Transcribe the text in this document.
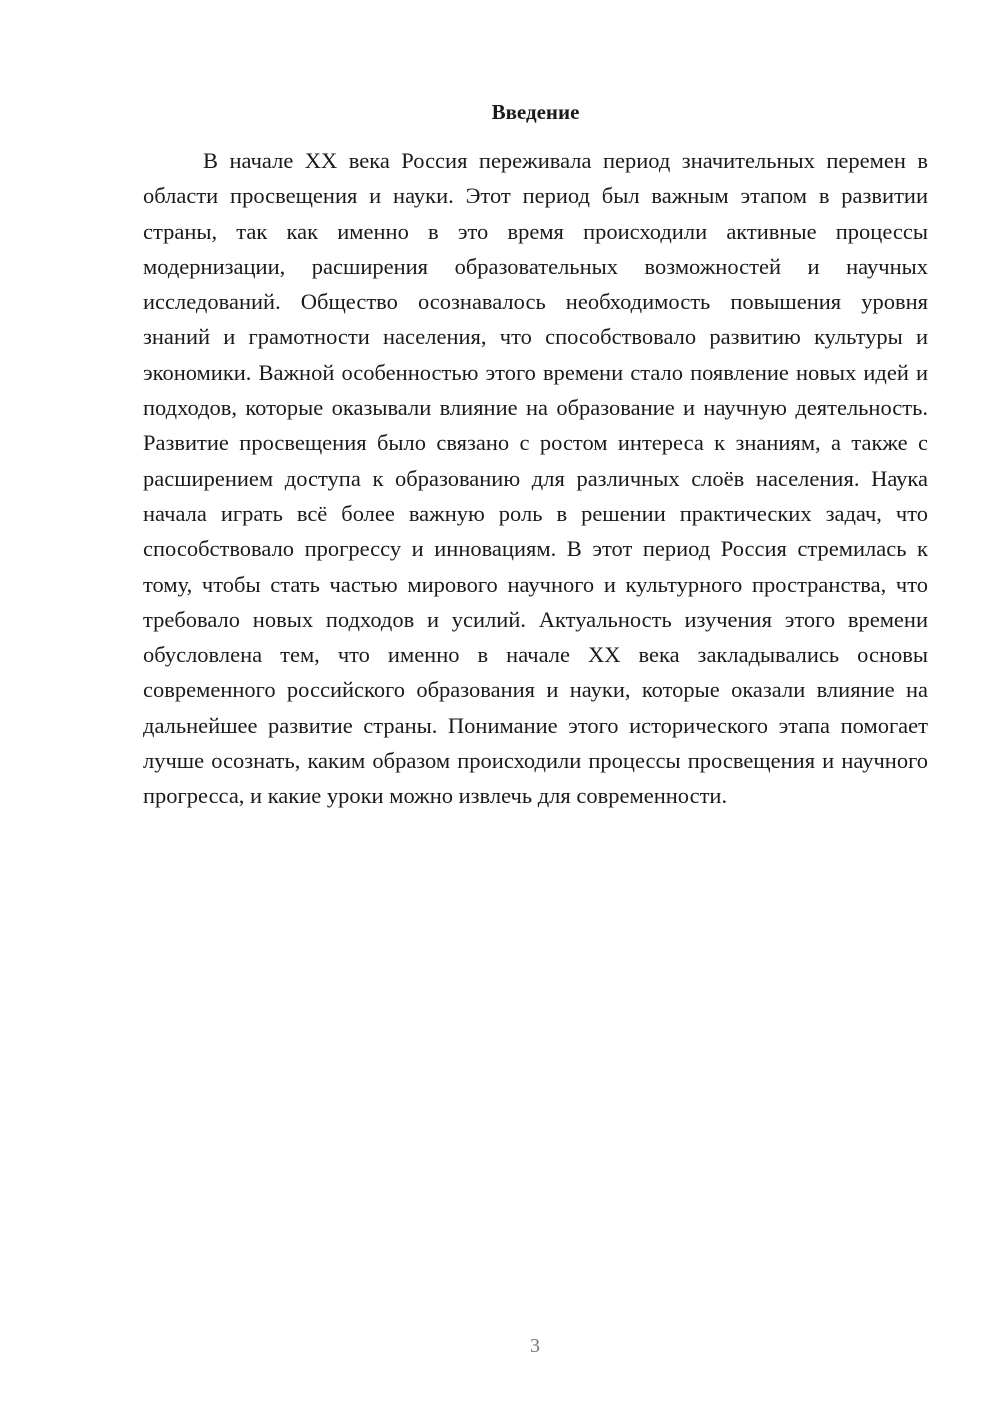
Введение

В начале XX века Россия переживала период значительных перемен в области просвещения и науки. Этот период был важным этапом в развитии страны, так как именно в это время происходили активные процессы модернизации, расширения образовательных возможностей и научных исследований. Общество осознавалось необходимость повышения уровня знаний и грамотности населения, что способствовало развитию культуры и экономики. Важной особенностью этого времени стало появление новых идей и подходов, которые оказывали влияние на образование и научную деятельность. Развитие просвещения было связано с ростом интереса к знаниям, а также с расширением доступа к образованию для различных слоёв населения. Наука начала играть всё более важную роль в решении практических задач, что способствовало прогрессу и инновациям. В этот период Россия стремилась к тому, чтобы стать частью мирового научного и культурного пространства, что требовало новых подходов и усилий. Актуальность изучения этого времени обусловлена тем, что именно в начале XX века закладывались основы современного российского образования и науки, которые оказали влияние на дальнейшее развитие страны. Понимание этого исторического этапа помогает лучше осознать, каким образом происходили процессы просвещения и научного прогресса, и какие уроки можно извлечь для современности.

3
